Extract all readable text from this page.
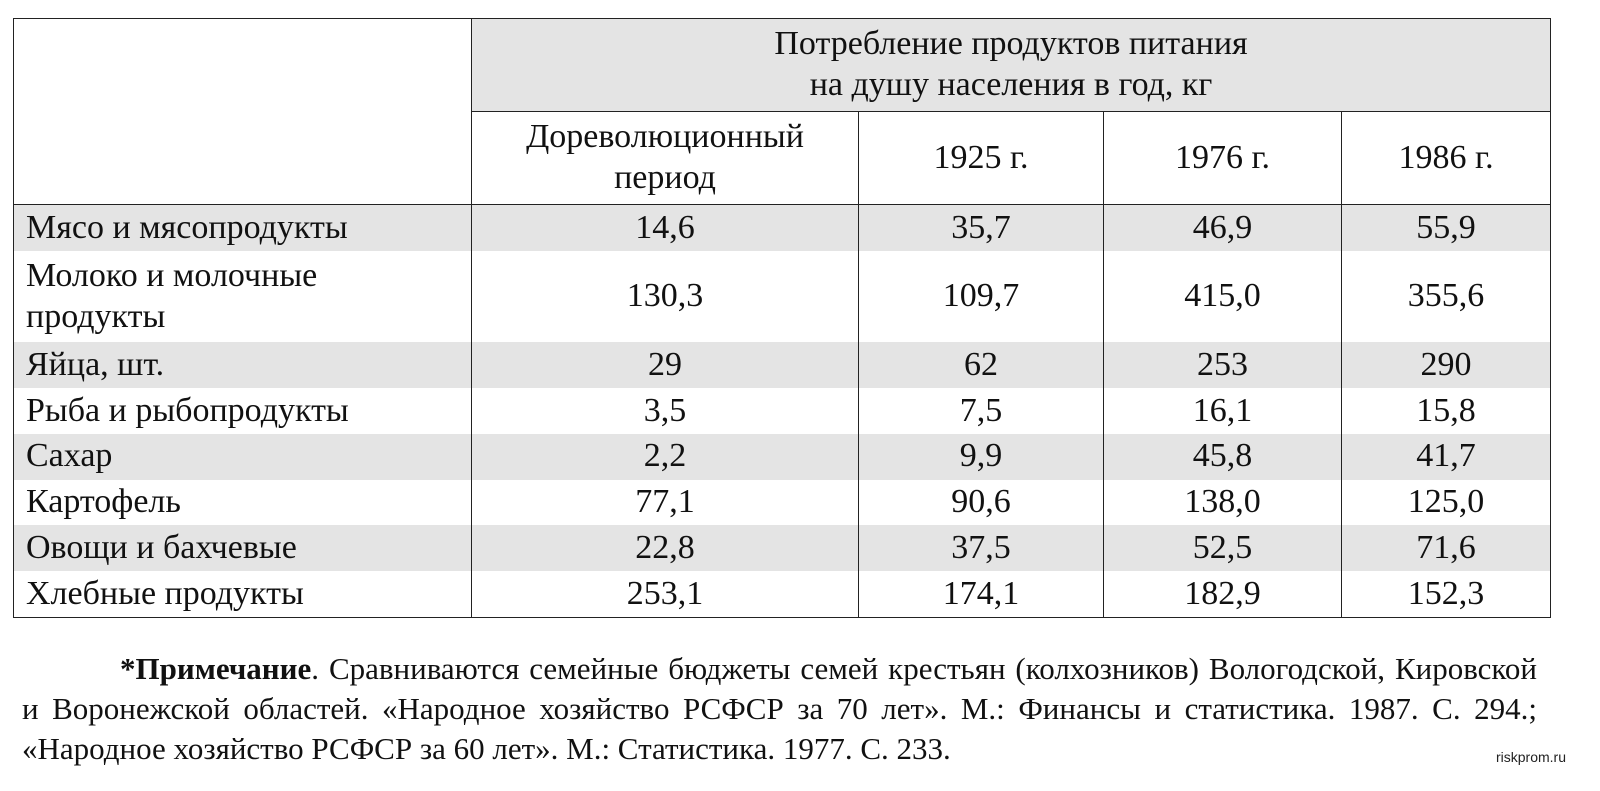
	Потребление продуктов питания
на душу населения в год, кг			
	Дореволюционный
период	1925 г.	1976 г.	1986 г.
Мясо и мясопродукты	14,6	35,7	46,9	55,9
Молоко и молочные
продукты	130,3	109,7	415,0	355,6
Яйца, шт.	29	62	253	290
Рыба и рыбопродукты	3,5	7,5	16,1	15,8
Сахар	2,2	9,9	45,8	41,7
Картофель	77,1	90,6	138,0	125,0
Овощи и бахчевые	22,8	37,5	52,5	71,6
Хлебные продукты	253,1	174,1	182,9	152,3

*Примечание. Сравниваются семейные бюджеты семей крестьян (колхозников) Вологодской, Кировской и Воронежской областей. «Народное хозяйство РСФСР за 70 лет». М.: Финансы и статистика. 1987. С. 294.; «Народное хозяйство РСФСР за 60 лет». М.: Статистика. 1977. С. 233.	riskprom.ru
